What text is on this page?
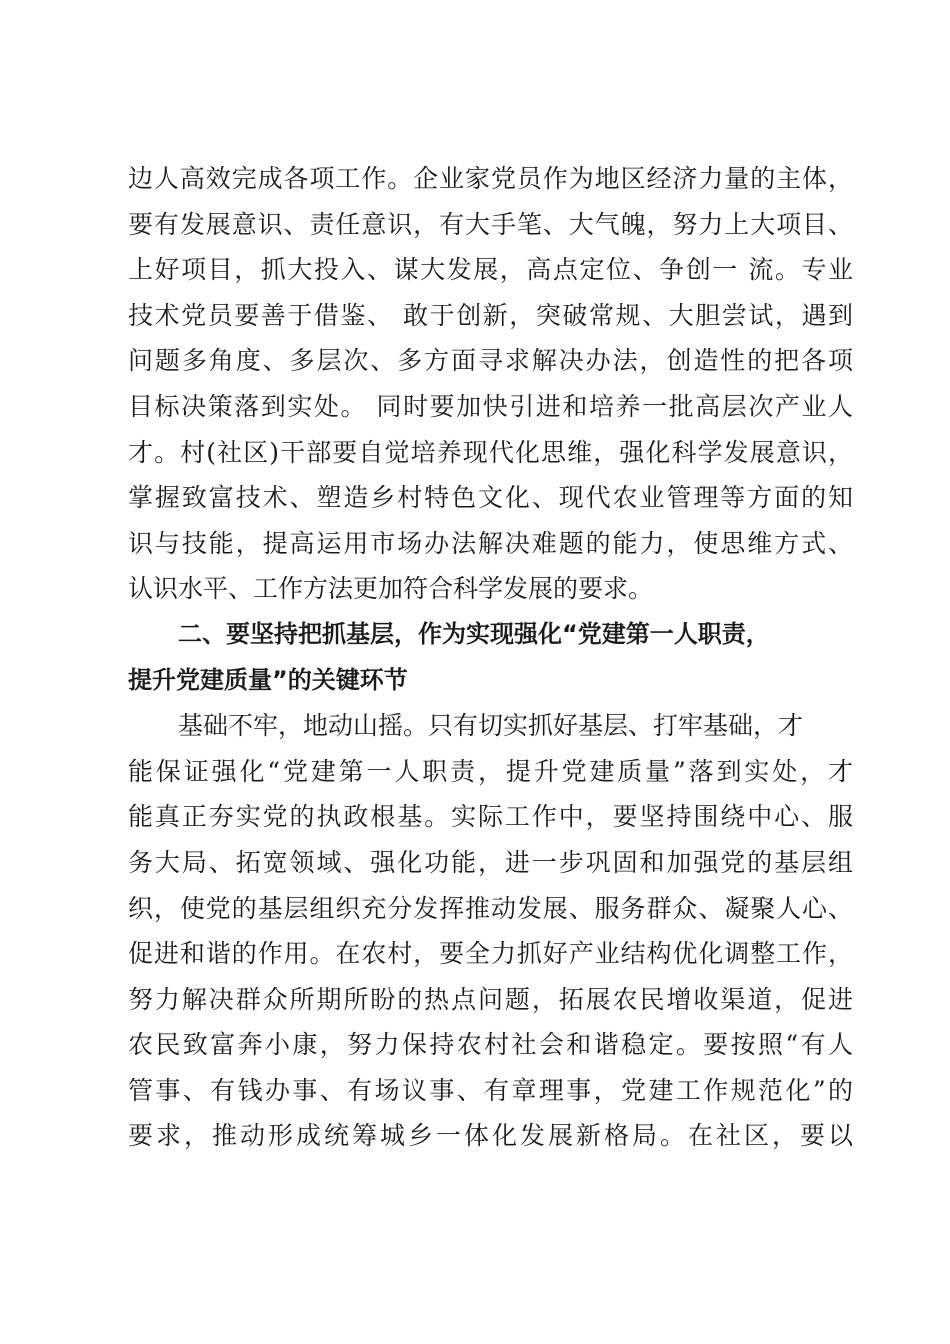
边人高效完成各项工作。企业家党员作为地区经济力量的主体，
要有发展意识、责任意识，有大手笔、大气魄，努力上大项目、
上好项目，抓大投入、谋大发展，高点定位、争创一 流。专业
技术党员要善于借鉴、 敢于创新，突破常规、大胆尝试，遇到
问题多角度、多层次、多方面寻求解决办法，创造性的把各项
目标决策落到实处。 同时要加快引进和培养一批高层次产业人
才。村(社区)干部要自觉培养现代化思维，强化科学发展意识，
掌握致富技术、塑造乡村特色文化、现代农业管理等方面的知
识与技能，提高运用市场办法解决难题的能力，使思维方式、
认识水平、工作方法更加符合科学发展的要求。
二、要坚持把抓基层，作为实现强化“党建第一人职责，
提升党建质量”的关键环节
基础不牢，地动山摇。只有切实抓好基层、打牢基础，才
能保证强化“党建第一人职责，提升党建质量”落到实处，才
能真正夯实党的执政根基。实际工作中，要坚持围绕中心、服
务大局、拓宽领域、强化功能，进一步巩固和加强党的基层组
织，使党的基层组织充分发挥推动发展、服务群众、凝聚人心、
促进和谐的作用。在农村，要全力抓好产业结构优化调整工作，
努力解决群众所期所盼的热点问题，拓展农民增收渠道，促进
农民致富奔小康，努力保持农村社会和谐稳定。要按照“有人
管事、有钱办事、有场议事、有章理事，党建工作规范化”的
要求，推动形成统筹城乡一体化发展新格局。在社区，要以
